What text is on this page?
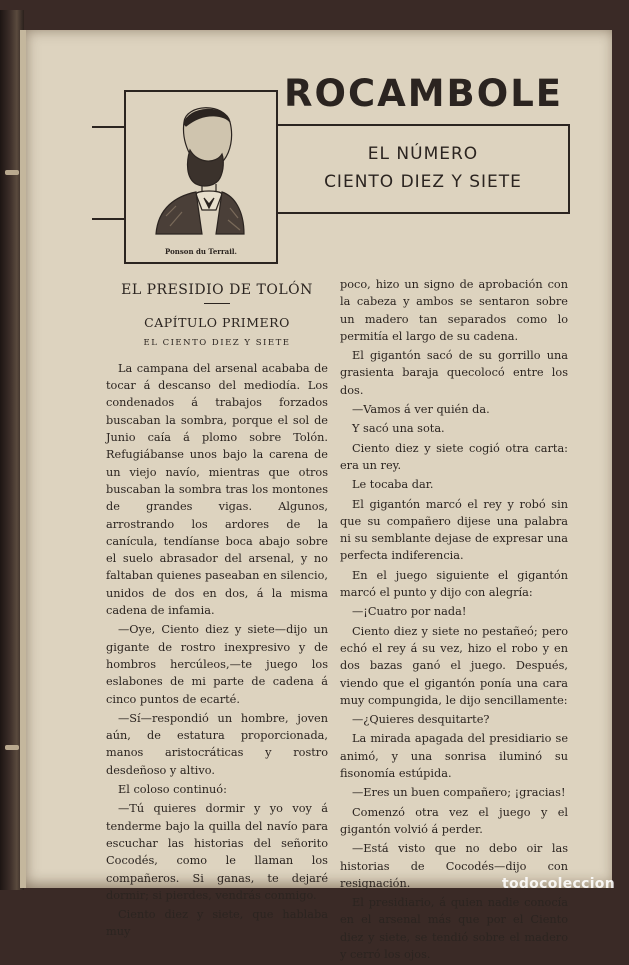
Ponson du Terrail.
ROCAMBOLE
EL NÚMERO
CIENTO DIEZ Y SIETE
EL PRESIDIO DE TOLÓN
CAPÍTULO PRIMERO
EL CIENTO DIEZ Y SIETE

La campana del arsenal acababa de tocar á descanso del mediodía. Los condenados á trabajos forzados buscaban la sombra, porque el sol de Junio caía á plomo sobre Tolón. Refugiábanse unos bajo la carena de un viejo navío, mientras que otros buscaban la sombra tras los montones de grandes vigas. Algunos, arrostrando los ardores de la canícula, tendíanse boca abajo sobre el suelo abrasador del arsenal, y no faltaban quienes paseaban en silencio, unidos de dos en dos, á la misma cadena de infamia.

—Oye, Ciento diez y siete—dijo un gigante de rostro inexpresivo y de hombros hercúleos,—te juego los eslabones de mi parte de cadena á cinco puntos de ecarté.

—Sí—respondió un hombre, joven aún, de estatura proporcionada, manos aristocráticas y rostro desdeñoso y altivo.

El coloso continuó:

—Tú quieres dormir y yo voy á tenderme bajo la quilla del navío para escuchar las historias del señorito Cocodés, como le llaman los compañeros. Si ganas, te dejaré dormir; si pierdes, vendrás conmigo.

Ciento diez y siete, que hablaba muy

poco, hizo un signo de aprobación con la cabeza y ambos se sentaron sobre un madero tan separados como lo permitía el largo de su cadena.

El gigantón sacó de su gorrillo una grasienta baraja quecolocó entre los dos.

—Vamos á ver quién da.

Y sacó una sota.

Ciento diez y siete cogió otra carta: era un rey.

Le tocaba dar.

El gigantón marcó el rey y robó sin que su compañero dijese una palabra ni su semblante dejase de expresar una perfecta indiferencia.

En el juego siguiente el gigantón marcó el punto y dijo con alegría:

—¡Cuatro por nada!

Ciento diez y siete no pestañeó; pero echó el rey á su vez, hizo el robo y en dos bazas ganó el juego. Después, viendo que el gigantón ponía una cara muy compungida, le dijo sencillamente:

—¿Quieres desquitarte?

La mirada apagada del presidiario se animó, y una sonrisa iluminó su fisonomía estúpida.

—Eres un buen compañero; ¡gracias!

Comenzó otra vez el juego y el gigantón volvió á perder.

—Está visto que no debo oir las historias de Cocodés—dijo con resignación.

El presidiario, á quien nadie conocía en el arsenal más que por el Ciento diez y siete, se tendió sobre el madero y cerró los ojos.

todocoleccion
